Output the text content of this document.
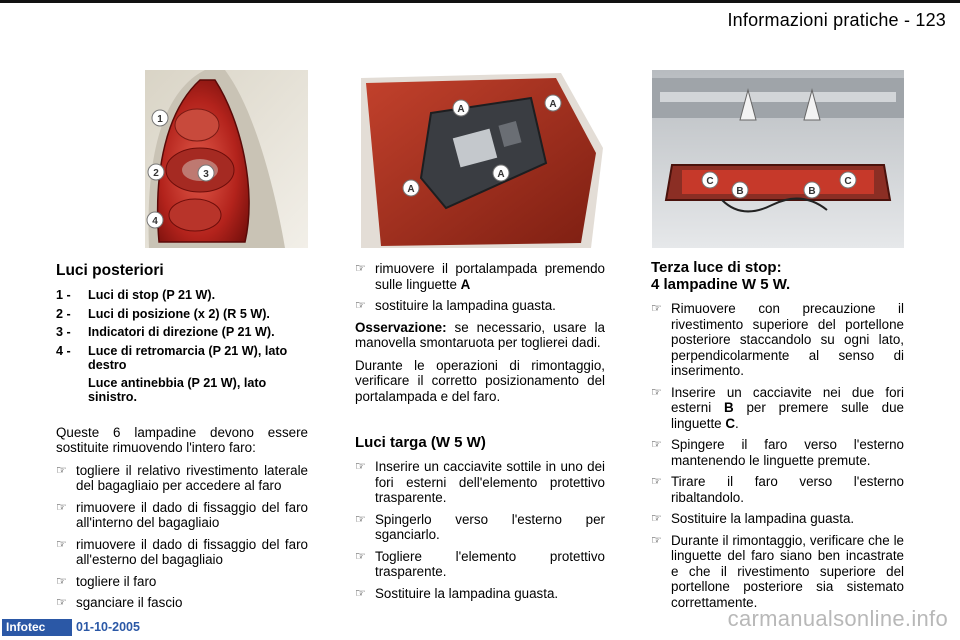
Informazioni pratiche - 123
1
2	3
4
A	A
A
A
C
B	B
C
Luci posteriori
1 -	Luci di stop (P 21 W).
2 -	Luci di posizione (x 2) (R 5 W).
3 -	Indicatori di direzione (P 21 W).
4 -	Luce di retromarcia (P 21 W), lato destro
Luce antinebbia (P 21 W), lato sinistro.

Queste 6 lampadine devono essere sostituite rimuovendo l'intero faro:

☞ togliere il relativo rivestimento laterale del bagagliaio per accedere al faro
☞ rimuovere il dado di fissaggio del faro all'interno del bagagliaio
☞ rimuovere il dado di fissaggio del faro all'esterno del bagagliaio
☞ togliere il faro
☞ sganciare il fascio
☞ rimuovere il portalampada premendo sulle linguette A
☞ sostituire la lampadina guasta.

Osservazione: se necessario, usare la manovella smontaruota per toglierei dadi.

Durante le operazioni di rimontaggio, verificare il corretto posizionamento del portalampada e del faro.

Luci targa (W 5 W)
☞ Inserire un cacciavite sottile in uno dei fori esterni dell'elemento protettivo trasparente.
☞ Spingerlo verso l'esterno per sganciarlo.
☞ Togliere l'elemento protettivo trasparente.
☞ Sostituire la lampadina guasta.
Terza luce di stop:
4 lampadine W 5 W.
☞ Rimuovere con precauzione il rivestimento superiore del portellone posteriore staccandolo su ogni lato, perpendicolarmente al senso di inserimento.
☞ Inserire un cacciavite nei due fori esterni B per premere sulle due linguette C.
☞ Spingere il faro verso l'esterno mantenendo le linguette premute.
☞ Tirare il faro verso l'esterno ribaltandolo.
☞ Sostituire la lampadina guasta.
☞ Durante il rimontaggio, verificare che le linguette del faro siano ben incastrate e che il rivestimento superiore del portellone posteriore sia sistemato correttamente.
Infotec	01-10-2005	carmanualsonline.info
